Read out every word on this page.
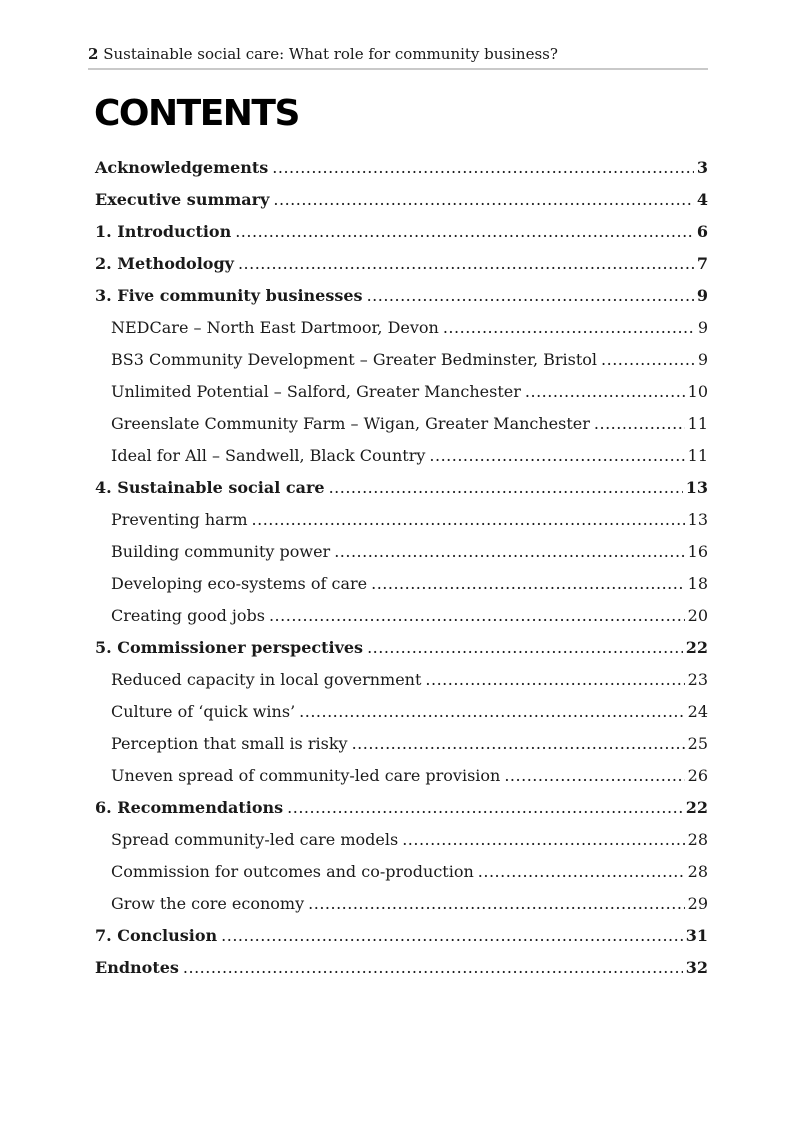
2 Sustainable social care: What role for community business?
CONTENTS
Acknowledgements .....	3
Executive summary .....	4
1. Introduction .....	6
2. Methodology .....	7
3. Five community businesses .....	9
NEDCare – North East Dartmoor, Devon .....	9
BS3 Community Development – Greater Bedminster, Bristol .....	9
Unlimited Potential – Salford, Greater Manchester .....	10
Greenslate Community Farm – Wigan, Greater Manchester .....	11
Ideal for All – Sandwell, Black Country .....	11
4. Sustainable social care .....	13
Preventing harm .....	13
Building community power .....	16
Developing eco-systems of care .....	18
Creating good jobs .....	20
5. Commissioner perspectives .....	22
Reduced capacity in local government .....	23
Culture of ‘quick wins’ .....	24
Perception that small is risky .....	25
Uneven spread of community-led care provision .....	26
6. Recommendations .....	22
Spread community-led care models .....	28
Commission for outcomes and co-production .....	28
Grow the core economy .....	29
7. Conclusion .....	31
Endnotes .....	32
